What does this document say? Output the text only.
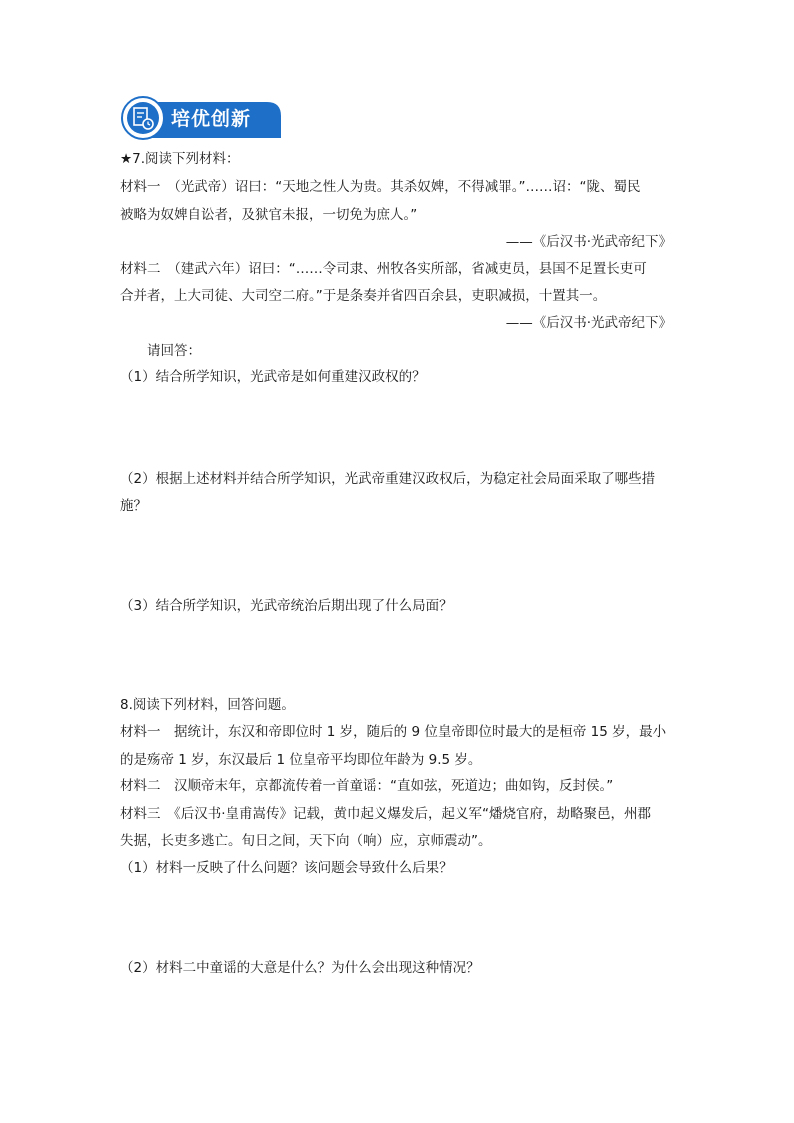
培优创新
★7.阅读下列材料：
材料一　（光武帝）诏曰：“天地之性人为贵。其杀奴婢，不得减罪。”……诏：“陇、蜀民
被略为奴婢自讼者，及狱官未报，一切免为庶人。”
——《后汉书·光武帝纪下》
材料二　（建武六年）诏曰：“……令司隶、州牧各实所部，省减吏员，县国不足置长吏可
合并者，上大司徒、大司空二府。”于是条奏并省四百余县，吏职减损，十置其一。
——《后汉书·光武帝纪下》
请回答：
（1）结合所学知识，光武帝是如何重建汉政权的？
（2）根据上述材料并结合所学知识，光武帝重建汉政权后，为稳定社会局面采取了哪些措
施？
（3）结合所学知识，光武帝统治后期出现了什么局面？
8.阅读下列材料，回答问题。
材料一　据统计，东汉和帝即位时 1 岁，随后的 9 位皇帝即位时最大的是桓帝 15 岁，最小
的是殇帝 1 岁，东汉最后 1 位皇帝平均即位年龄为 9.5 岁。
材料二　汉顺帝末年，京都流传着一首童谣：“直如弦，死道边；曲如钩，反封侯。”
材料三　《后汉书·皇甫嵩传》记载，黄巾起义爆发后，起义军“燔烧官府，劫略聚邑，州郡
失据，长吏多逃亡。旬日之间，天下向（响）应，京师震动”。
（1）材料一反映了什么问题？该问题会导致什么后果？
（2）材料二中童谣的大意是什么？为什么会出现这种情况？
